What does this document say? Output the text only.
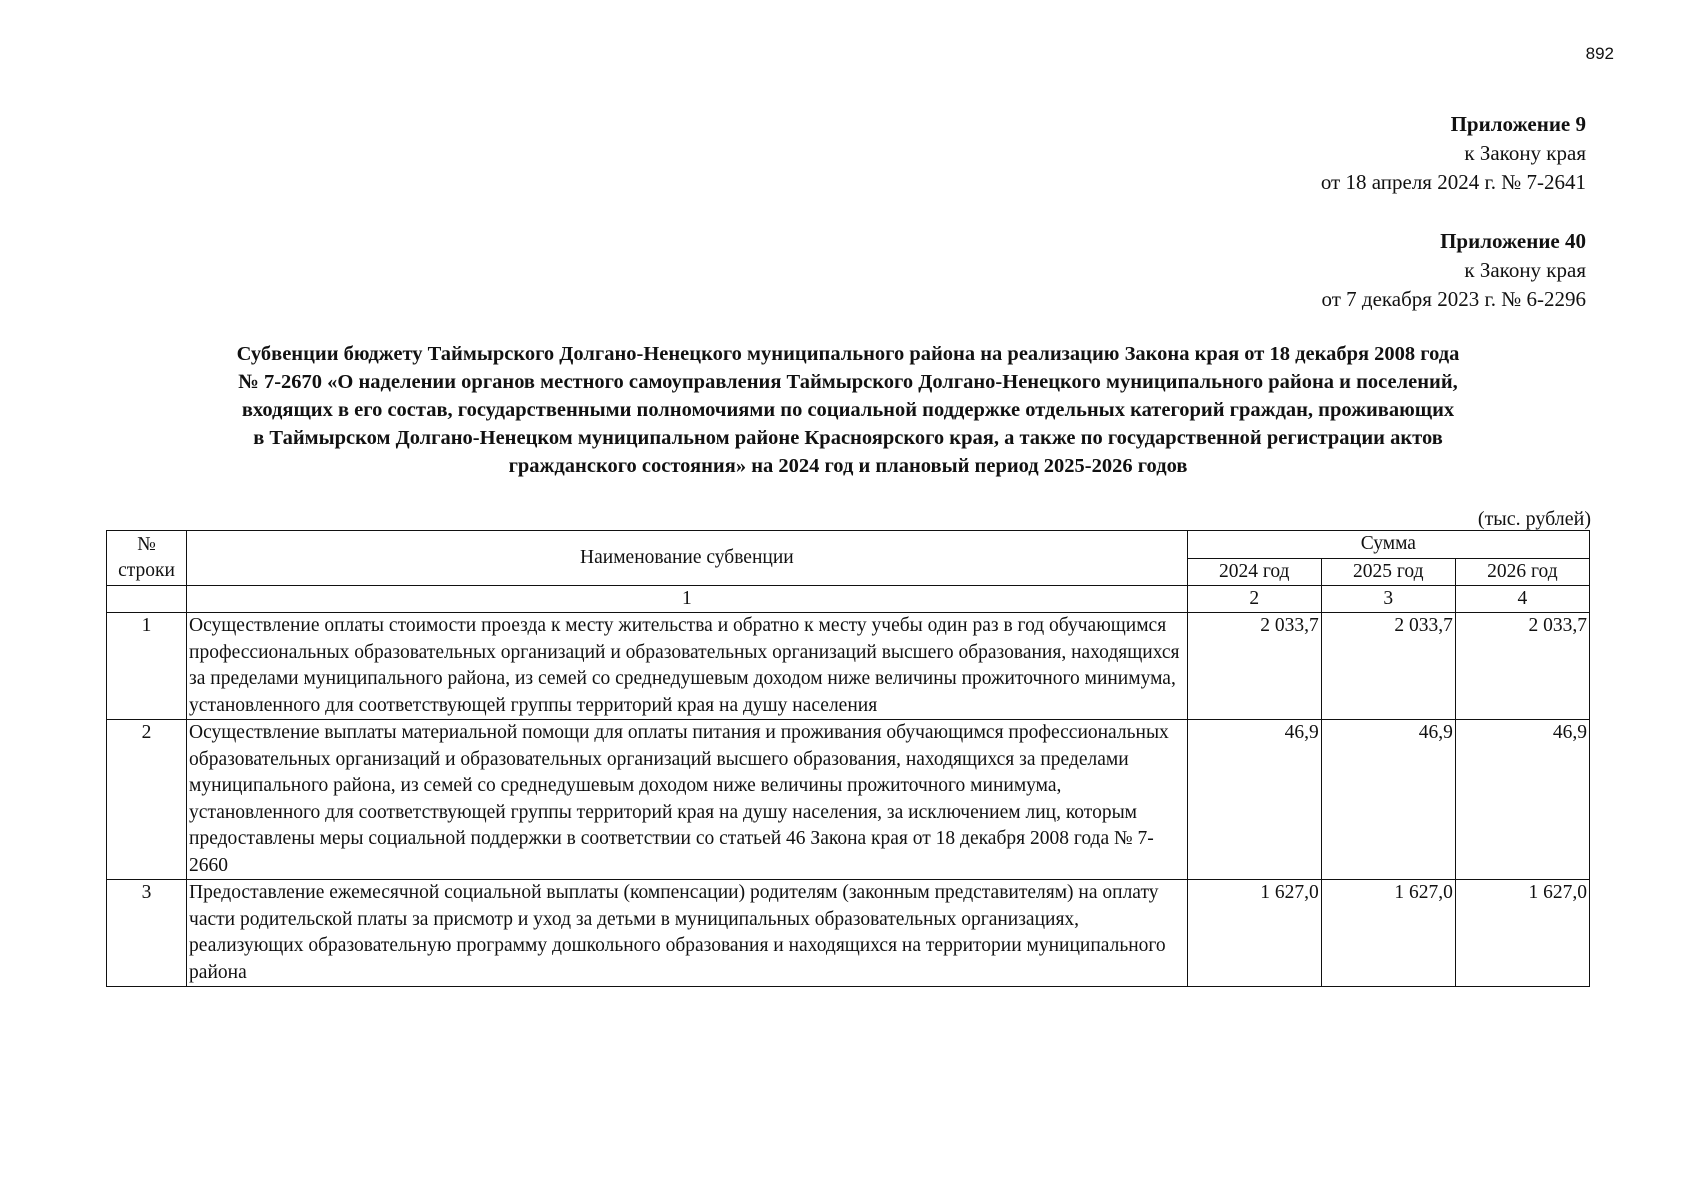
892
Приложение 9
к Закону края
от 18 апреля 2024 г. № 7-2641
Приложение 40
к Закону края
от 7 декабря 2023 г. № 6-2296
Субвенции бюджету Таймырского Долгано-Ненецкого муниципального района на реализацию Закона края от 18 декабря 2008 года
№ 7-2670 «О наделении органов местного самоуправления Таймырского Долгано-Ненецкого муниципального района и поселений,
входящих в его состав, государственными полномочиями по социальной поддержке отдельных категорий граждан, проживающих
в Таймырском Долгано-Ненецком муниципальном районе Красноярского края, а также по государственной регистрации актов
гражданского состояния» на 2024 год и плановый период 2025-2026 годов
(тыс. рублей)
№ строки	Наименование субвенции	Сумма		
		2024 год	2025 год	2026 год
	1	2	3	4
1	Осуществление оплаты стоимости проезда к месту жительства и обратно к месту учебы один раз в год обучающимся профессиональных образовательных организаций и образовательных организаций высшего образования, находящихся за пределами муниципального района, из семей со среднедушевым доходом ниже величины прожиточного минимума, установленного для соответствующей группы территорий края на душу населения	2 033,7	2 033,7	2 033,7
2	Осуществление выплаты материальной помощи для оплаты питания и проживания обучающимся профессиональных образовательных организаций и образовательных организаций высшего образования, находящихся за пределами муниципального района, из семей со среднедушевым доходом ниже величины прожиточного минимума, установленного для соответствующей группы территорий края на душу населения, за исключением лиц, которым предоставлены меры социальной поддержки в соответствии со статьей 46 Закона края от 18 декабря 2008 года № 7-2660	46,9	46,9	46,9
3	Предоставление ежемесячной социальной выплаты (компенсации) родителям (законным представителям) на оплату части родительской платы за присмотр и уход за детьми в муниципальных образовательных организациях, реализующих образовательную программу дошкольного образования и находящихся на территории муниципального района	1 627,0	1 627,0	1 627,0
